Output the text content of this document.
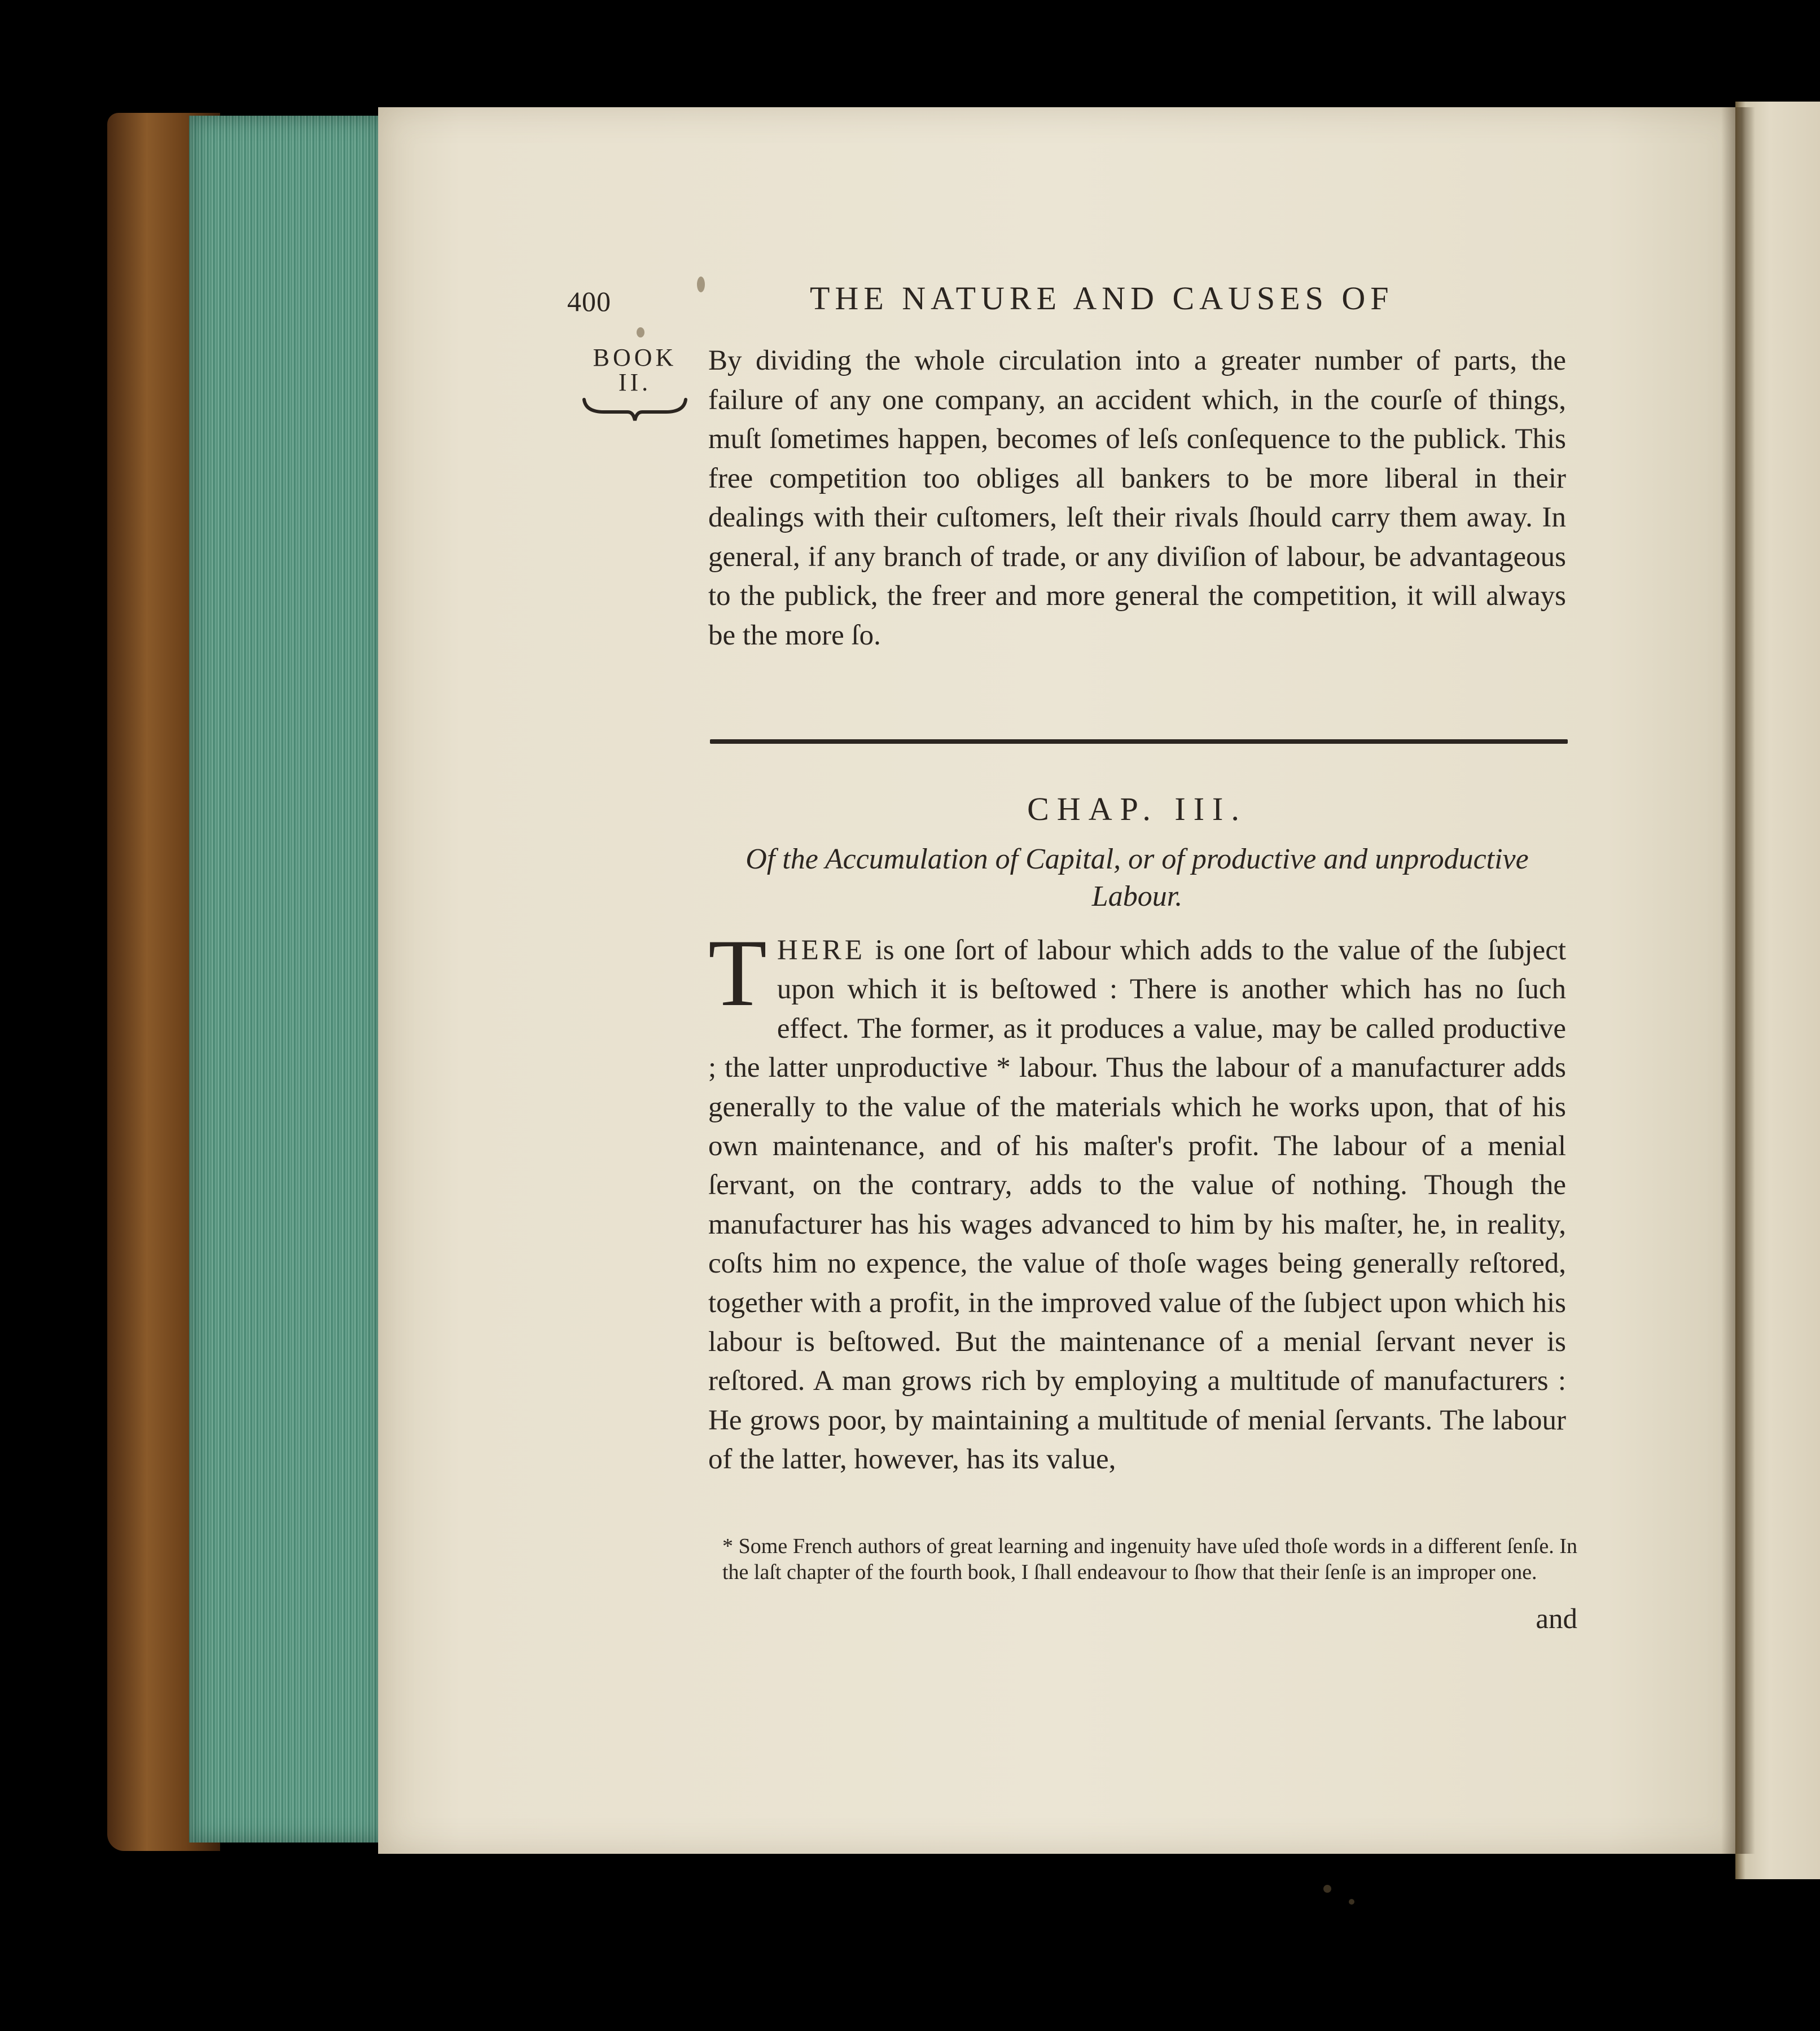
400	THE NATURE AND CAUSES OF
BOOK
II.
By dividing the whole circulation into a greater number of parts, the failure of any one company, an accident which, in the courſe of things, muſt ſometimes happen, becomes of leſs conſequence to the publick. This free competition too obliges all bankers to be more liberal in their dealings with their cuſtomers, leſt their rivals ſhould carry them away. In general, if any branch of trade, or any diviſion of labour, be advantageous to the publick, the freer and more general the competition, it will always be the more ſo.
CHAP. III.
Of the Accumulation of Capital, or of productive and unproductive Labour.
THERE is one ſort of labour which adds to the value of the ſubject upon which it is beſtowed : There is another which has no ſuch effect. The former, as it produces a value, may be called productive ; the latter unproductive * labour. Thus the labour of a manufacturer adds generally to the value of the materials which he works upon, that of his own maintenance, and of his maſter's profit. The labour of a menial ſervant, on the contrary, adds to the value of nothing. Though the manufacturer has his wages advanced to him by his maſter, he, in reality, coſts him no expence, the value of thoſe wages being generally reſtored, together with a profit, in the improved value of the ſubject upon which his labour is beſtowed. But the maintenance of a menial ſervant never is reſtored. A man grows rich by employing a multitude of manufacturers : He grows poor, by maintaining a multitude of menial ſervants. The labour of the latter, however, has its value,
* Some French authors of great learning and ingenuity have uſed thoſe words in a different ſenſe. In the laſt chapter of the fourth book, I ſhall endeavour to ſhow that their ſenſe is an improper one.
and
